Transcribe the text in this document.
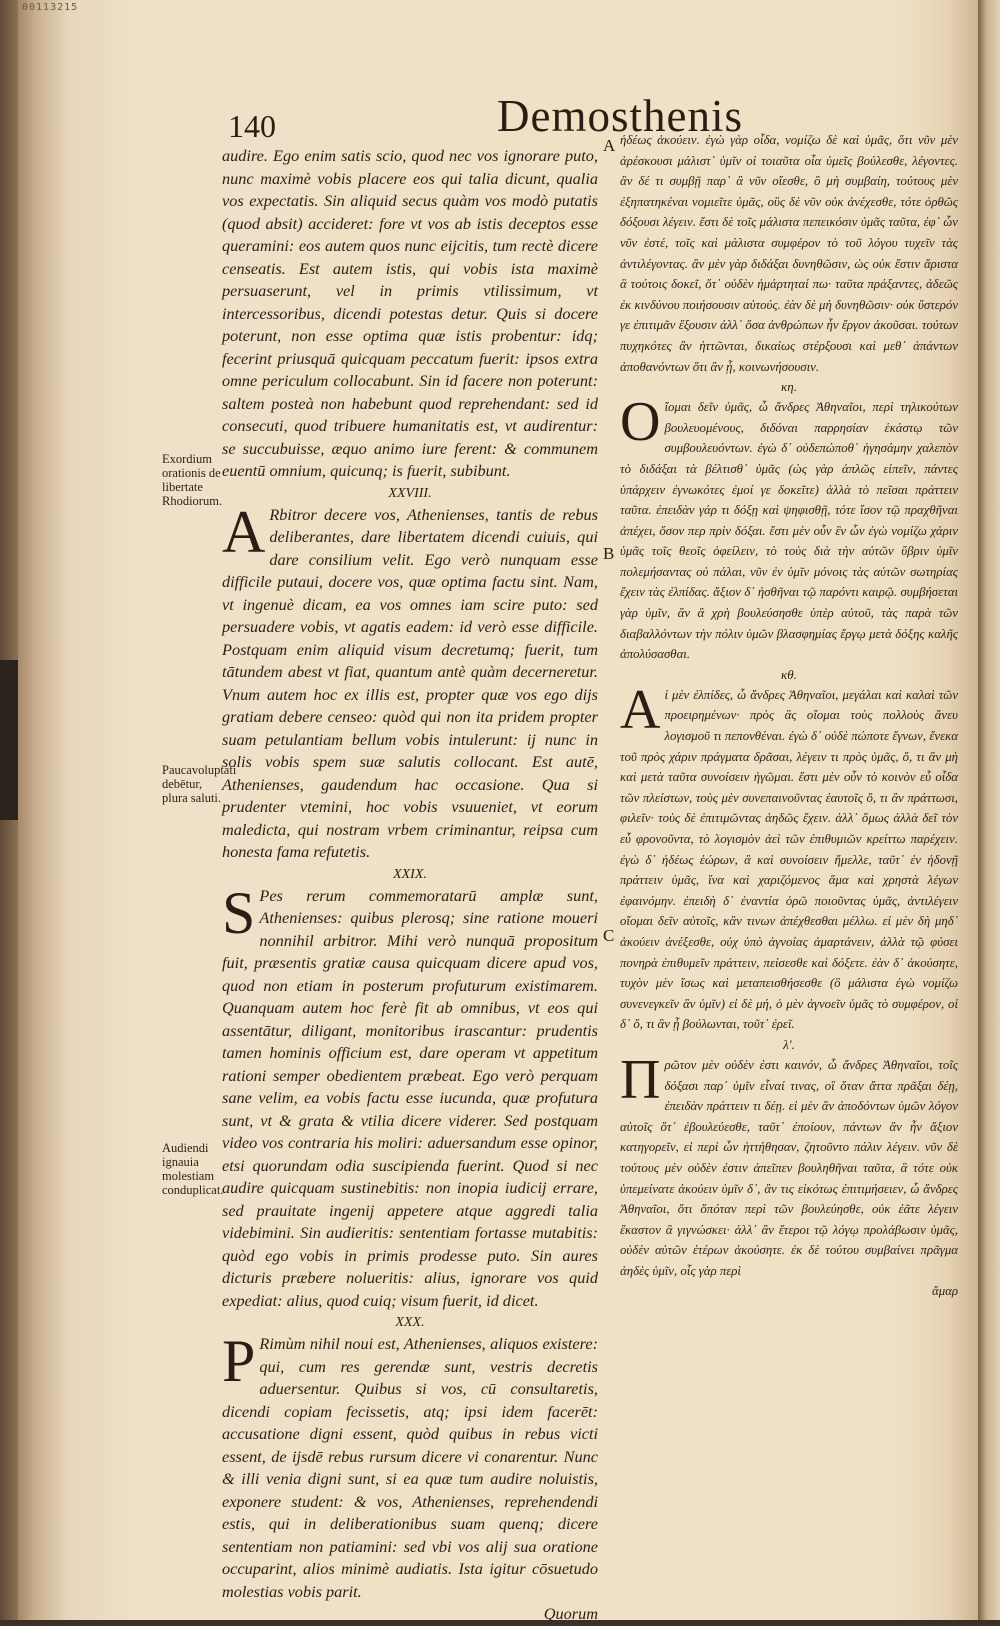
00113215
140	Demosthenis
Exordium orationis de libertate Rhodiorum.
Paucavoluptati debētur, plura saluti.
Audiendi ignauia molestiam conduplicat.
A
B
C

audire. Ego enim satis scio, quod nec vos ignorare puto, nunc maximè vobis placere eos qui talia dicunt, qualia vos expectatis. Sin aliquid secus quàm vos modò putatis (quod absit) accideret: fore vt vos ab istis deceptos esse queramini: eos autem quos nunc eijcitis, tum rectè dicere censeatis. Est autem istis, qui vobis ista maximè persuaserunt, vel in primis vtilissimum, vt intercessoribus, dicendi potestas detur. Quis si docere poterunt, non esse optima quæ istis probentur: idq; fecerint priusquā quicquam peccatum fuerit: ipsos extra omne periculum collocabunt. Sin id facere non poterunt: saltem posteà non habebunt quod reprehendant: sed id consecuti, quod tribuere humanitatis est, vt audirentur: se succubuisse, æquo animo iure ferent: & communem euentū omnium, quicunq; is fuerit, subibunt.

XXVIII.

A Rbitror decere vos, Athenienses, tantis de rebus deliberantes, dare libertatem dicendi cuiuis, qui dare consilium velit. Ego verò nunquam esse difficile putaui, docere vos, quæ optima factu sint. Nam, vt ingenuè dicam, ea vos omnes iam scire puto: sed persuadere vobis, vt agatis eadem: id verò esse difficile. Postquam enim aliquid visum decretumq; fuerit, tum tātundem abest vt fiat, quantum antè quàm decerneretur. Vnum autem hoc ex illis est, propter quæ vos ego dijs gratiam debere censeo: quòd qui non ita pridem propter suam petulantiam bellum vobis intulerunt: ij nunc in solis vobis spem suæ salutis collocant. Est autē, Athenienses, gaudendum hac occasione. Qua si prudenter vtemini, hoc vobis vsuueniet, vt eorum maledicta, qui nostram vrbem criminantur, reipsa cum honesta fama refutetis.

XXIX.

S Pes rerum commemoratarū amplæ sunt, Athenienses: quibus plerosq; sine ratione moueri nonnihil arbitror. Mihi verò nunquā propositum fuit, præsentis gratiæ causa quicquam dicere apud vos, quod non etiam in posterum profuturum existimarem. Quanquam autem hoc ferè fit ab omnibus, vt eos qui assentātur, diligant, monitoribus irascantur: prudentis tamen hominis officium est, dare operam vt appetitum rationi semper obedientem præbeat. Ego verò perquam sane velim, ea vobis factu esse iucunda, quæ profutura sunt, vt & grata & vtilia dicere viderer. Sed postquam video vos contraria his moliri: aduersandum esse opinor, etsi quorundam odia suscipienda fuerint. Quod si nec audire quicquam sustinebitis: non inopia iudicij errare, sed prauitate ingenij appetere atque aggredi talia videbimini. Sin audieritis: sententiam fortasse mutabitis: quòd ego vobis in primis prodesse puto. Sin aures dicturis præbere nolueritis: alius, ignorare vos quid expediat: alius, quod cuiq; visum fuerit, id dicet.

XXX.

P Rimùm nihil noui est, Athenienses, aliquos existere: qui, cum res gerendæ sunt, vestris decretis aduersentur. Quibus si vos, cū consultaretis, dicendi copiam fecissetis, atq; ipsi idem facerēt: accusatione digni essent, quòd quibus in rebus victi essent, de ijsdē rebus rursum dicere vi conarentur. Nunc & illi venia digni sunt, si ea quæ tum audire noluistis, exponere student: & vos, Athenienses, reprehendendi estis, qui in deliberationibus suam quenq; dicere sententiam non patiamini: sed vbi vos alij sua oratione occuparint, alios minimè audiatis. Ista igitur cōsuetudo molestias vobis parit.

Quorum

ἡδέως ἀκούειν. ἐγὼ γὰρ οἶδα, νομίζω δὲ καὶ ὑμᾶς, ὅτι νῦν μὲν ἀρέσκουσι μάλιστ᾽ ὑμῖν οἱ τοιαῦτα οἷα ὑμεῖς βούλεσθε, λέγοντες. ἂν δέ τι συμβῇ παρ᾽ ἃ νῦν οἴεσθε, ὃ μὴ συμβαίη, τούτους μὲν ἐξηπατηκέναι νομιεῖτε ὑμᾶς, οὓς δὲ νῦν οὐκ ἀνέχεσθε, τότε ὀρθῶς δόξουσι λέγειν. ἔστι δὲ τοῖς μάλιστα πεπεικόσιν ὑμᾶς ταῦτα, ἐφ᾽ ὧν νῦν ἐστέ, τοῖς καὶ μάλιστα συμφέρον τὸ τοῦ λόγου τυχεῖν τὰς ἀντιλέγοντας. ἂν μὲν γὰρ διδάξαι δυνηθῶσιν, ὡς οὐκ ἔστιν ἄριστα ἃ τούτοις δοκεῖ, ὅτ᾽ οὐδὲν ἡμάρτηταί πω· ταῦτα πράξαντες, ἀδεῶς ἐκ κινδύνου ποιήσουσιν αὑτούς. ἐὰν δὲ μὴ δυνηθῶσιν· οὐκ ὕστερόν γε ἐπιτιμᾶν ἕξουσιν ἀλλ᾽ ὅσα ἀνθρώπων ἦν ἔργον ἀκοῦσαι. τούτων πυχηκότες ἂν ἡττῶνται, δικαίως στέρξουσι καὶ μεθ᾽ ἁπάντων ἀποθανόντων ὅτι ἂν ᾖ, κοινωνήσουσιν.

κη.

Oἴομαι δεῖν ὑμᾶς, ὦ ἄνδρες Ἀθηναῖοι, περὶ τηλικούτων βουλευομένους, διδόναι παρρησίαν ἑκάστῳ τῶν συμβουλευόντων. ἐγὼ δ᾽ οὐδεπώποθ᾽ ἡγησάμην χαλεπὸν τὸ διδάξαι τὰ βέλτισθ᾽ ὑμᾶς (ὡς γὰρ ἁπλῶς εἰπεῖν, πάντες ὑπάρχειν ἐγνωκότες ἐμοί γε δοκεῖτε) ἀλλὰ τὸ πεῖσαι πράττειν ταῦτα. ἐπειδὰν γάρ τι δόξῃ καὶ ψηφισθῇ, τότε ἴσον τῷ πραχθῆναι ἀπέχει, ὅσον περ πρὶν δόξαι. ἔστι μὲν οὖν ἓν ὧν ἐγὼ νομίζω χάριν ὑμᾶς τοῖς θεοῖς ὀφείλειν, τὸ τοὺς διὰ τὴν αὑτῶν ὕβριν ὑμῖν πολεμήσαντας οὐ πάλαι, νῦν ἐν ὑμῖν μόνοις τὰς αὑτῶν σωτηρίας ἔχειν τὰς ἐλπίδας. ἄξιον δ᾽ ἡσθῆναι τῷ παρόντι καιρῷ. συμβήσεται γὰρ ὑμῖν, ἂν ἃ χρὴ βουλεύσησθε ὑπὲρ αὐτοῦ, τὰς παρὰ τῶν διαβαλλόντων τὴν πόλιν ὑμῶν βλασφημίας ἔργῳ μετὰ δόξης καλῆς ἀπολύσασθαι.

κθ.

Aἱ μὲν ἐλπίδες, ὦ ἄνδρες Ἀθηναῖοι, μεγάλαι καὶ καλαὶ τῶν προειρημένων· πρὸς ἃς οἴομαι τοὺς πολλοὺς ἄνευ λογισμοῦ τι πεπονθέναι. ἐγὼ δ᾽ οὐδὲ πώποτε ἔγνων, ἕνεκα τοῦ πρὸς χάριν πράγματα δρᾶσαι, λέγειν τι πρὸς ὑμᾶς, ὅ, τι ἂν μὴ καὶ μετὰ ταῦτα συνοίσειν ἡγῶμαι. ἔστι μὲν οὖν τὸ κοινὸν εὖ οἶδα τῶν πλείστων, τοὺς μὲν συνεπαινοῦντας ἑαυτοῖς ὅ, τι ἂν πράττωσι, φιλεῖν· τοὺς δὲ ἐπιτιμῶντας ἀηδῶς ἔχειν. ἀλλ᾽ ὅμως ἀλλὰ δεῖ τὸν εὖ φρονοῦντα, τὸ λογισμὸν ἀεὶ τῶν ἐπιθυμιῶν κρείττω παρέχειν. ἐγὼ δ᾽ ἡδέως ἑώρων, ἃ καὶ συνοίσειν ἤμελλε, ταῦτ᾽ ἐν ἡδονῇ πράττειν ὑμᾶς, ἵνα καὶ χαριζόμενος ἅμα καὶ χρηστὰ λέγων ἐφαινόμην. ἐπειδὴ δ᾽ ἐναντία ὁρῶ ποιοῦντας ὑμᾶς, ἀντιλέγειν οἴομαι δεῖν αὐτοῖς, κἂν τινων ἀπέχθεσθαι μέλλω. εἰ μὲν δὴ μηδ᾽ ἀκούειν ἀνέξεσθε, οὐχ ὑπὸ ἀγνοίας ἁμαρτάνειν, ἀλλὰ τῷ φύσει πονηρὰ ἐπιθυμεῖν πράττειν, πείσεσθε καὶ δόξετε. ἐὰν δ᾽ ἀκούσητε, τυχὸν μὲν ἴσως καὶ μεταπεισθήσεσθε (ὃ μάλιστα ἐγὼ νομίζω συνενεγκεῖν ἂν ὑμῖν) εἰ δὲ μή, ὁ μὲν ἀγνοεῖν ὑμᾶς τὸ συμφέρον, οἱ δ᾽ ὅ, τι ἂν ᾖ βούλωνται, τοῦτ᾽ ἐρεῖ.

λ'.

Πρῶτον μὲν οὐδὲν ἐστι καινόν, ὦ ἄνδρες Ἀθηναῖοι, τοῖς δόξασι παρ᾽ ὑμῖν εἶναί τινας, οἳ ὅταν ἄττα πρᾶξαι δέῃ, ἐπειδὰν πράττειν τι δέῃ. εἰ μὲν ἂν ἀποδόντων ὑμῶν λόγον αὐτοῖς ὅτ᾽ ἐβουλεύεσθε, ταῦτ᾽ ἐποίουν, πάντων ἂν ἦν ἄξιον κατηγορεῖν, εἰ περὶ ὧν ἡττήθησαν, ζητοῦντο πάλιν λέγειν. νῦν δὲ τούτους μὲν οὐδὲν ἐστιν ἀπεῖπεν βουληθῆναι ταῦτα, ἃ τότε οὐκ ὑπεμείνατε ἀκούειν ὑμῖν δ᾽, ἂν τις εἰκότως ἐπιτιμήσειεν, ὦ ἄνδρες Ἀθηναῖοι, ὅτι ὅπόταν περὶ τῶν βουλεύησθε, οὐκ ἐᾶτε λέγειν ἕκαστον ἃ γιγνώσκει· ἀλλ᾽ ἂν ἕτεροι τῷ λόγῳ προλάβωσιν ὑμᾶς, οὐδὲν αὐτῶν ἑτέρων ἀκούσητε. ἐκ δὲ τούτου συμβαίνει πρᾶγμα ἀηδὲς ὑμῖν, οἷς γὰρ περὶ

ἄμαρ
